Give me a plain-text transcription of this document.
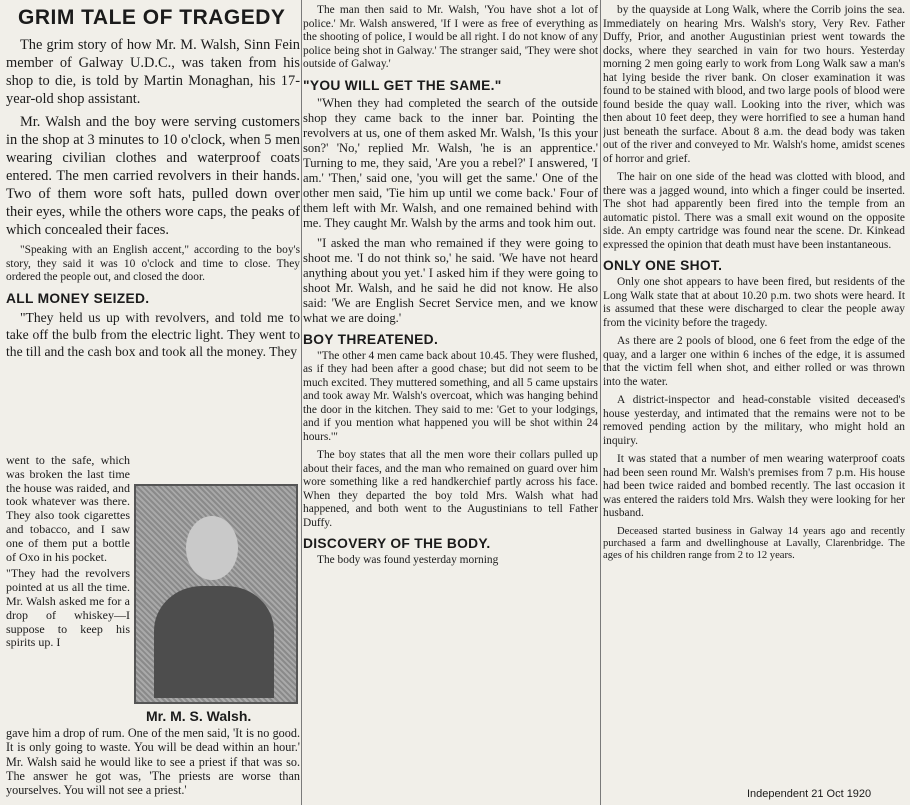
GRIM TALE OF TRAGEDY

The grim story of how Mr. M. Walsh, Sinn Fein member of Galway U.D.C., was taken from his shop to die, is told by Martin Monaghan, his 17-year-old shop assistant.

Mr. Walsh and the boy were serving customers in the shop at 3 minutes to 10 o'clock, when 5 men wearing civilian clothes and waterproof coats entered. The men carried revolvers in their hands. Two of them wore soft hats, pulled down over their eyes, while the others wore caps, the peaks of which concealed their faces.

"Speaking with an English accent," according to the boy's story, they said it was 10 o'clock and time to close. They ordered the people out, and closed the door.

ALL MONEY SEIZED.

"They held us up with revolvers, and told me to take off the bulb from the electric light. They went to the till and the cash box and took all the money. They

went to the safe, which was broken the last time the house was raided, and took whatever was there. They also took cigarettes and tobacco, and I saw one of them put a bottle of Oxo in his pocket.

"They had the revolvers pointed at us all the time. Mr. Walsh asked me for a drop of whiskey—I suppose to keep his spirits up. I

Mr. M. S. Walsh.

gave him a drop of rum. One of the men said, 'It is no good. It is only going to waste. You will be dead within an hour.' Mr. Walsh said he would like to see a priest if that was so. The answer he got was, 'The priests are worse than yourselves. You will not see a priest.'

The man then said to Mr. Walsh, 'You have shot a lot of police.' Mr. Walsh answered, 'If I were as free of everything as the shooting of police, I would be all right. I do not know of any police being shot in Galway.' The stranger said, 'They were shot outside of Galway.'

"YOU WILL GET THE SAME."

"When they had completed the search of the outside shop they came back to the inner bar. Pointing the revolvers at us, one of them asked Mr. Walsh, 'Is this your son?' 'No,' replied Mr. Walsh, 'he is an apprentice.' Turning to me, they said, 'Are you a rebel?' I answered, 'I am.' 'Then,' said one, 'you will get the same.' One of the other men said, 'Tie him up until we come back.' Four of them left with Mr. Walsh, and one remained behind with me. They caught Mr. Walsh by the arms and took him out.

"I asked the man who remained if they were going to shoot me. 'I do not think so,' he said. 'We have not heard anything about you yet.' I asked him if they were going to shoot Mr. Walsh, and he said he did not know. He also said: 'We are English Secret Service men, and we know what we are doing.'

BOY THREATENED.

"The other 4 men came back about 10.45. They were flushed, as if they had been after a good chase; but did not seem to be much excited. They muttered something, and all 5 came upstairs and took away Mr. Walsh's overcoat, which was hanging behind the door in the kitchen. They said to me: 'Get to your lodgings, and if you mention what happened you will be shot within 24 hours.'"

The boy states that all the men wore their collars pulled up about their faces, and the man who remained on guard over him wore something like a red handkerchief partly across his face. When they departed the boy told Mrs. Walsh what had happened, and both went to the Augustinians to tell Father Duffy.

DISCOVERY OF THE BODY.

The body was found yesterday morning

by the quayside at Long Walk, where the Corrib joins the sea. Immediately on hearing Mrs. Walsh's story, Very Rev. Father Duffy, Prior, and another Augustinian priest went towards the docks, where they searched in vain for two hours. Yesterday morning 2 men going early to work from Long Walk saw a man's hat lying beside the river bank. On closer examination it was found to be stained with blood, and two large pools of blood were found beside the quay wall. Looking into the river, which was then about 10 feet deep, they were horrified to see a human hand just beneath the surface. About 8 a.m. the dead body was taken out of the river and conveyed to Mr. Walsh's home, amidst scenes of horror and grief.

The hair on one side of the head was clotted with blood, and there was a jagged wound, into which a finger could be inserted. The shot had apparently been fired into the temple from an automatic pistol. There was a small exit wound on the opposite side. An empty cartridge was found near the scene. Dr. Kinkead expressed the opinion that death must have been instantaneous.

ONLY ONE SHOT.

Only one shot appears to have been fired, but residents of the Long Walk state that at about 10.20 p.m. two shots were heard. It is assumed that these were discharged to clear the people away from the vicinity before the tragedy.

As there are 2 pools of blood, one 6 feet from the edge of the quay, and a larger one within 6 inches of the edge, it is assumed that the victim fell when shot, and either rolled or was thrown into the water.

A district-inspector and head-constable visited deceased's house yesterday, and intimated that the remains were not to be removed pending action by the military, who might hold an inquiry.

It was stated that a number of men wearing waterproof coats had been seen round Mr. Walsh's premises from 7 p.m. His house had been twice raided and bombed recently. The last occasion it was entered the raiders told Mrs. Walsh they were looking for her husband.

Deceased started business in Galway 14 years ago and recently purchased a farm and dwellinghouse at Lavally, Clarenbridge. The ages of his children range from 2 to 12 years.

Independent 21 Oct 1920
